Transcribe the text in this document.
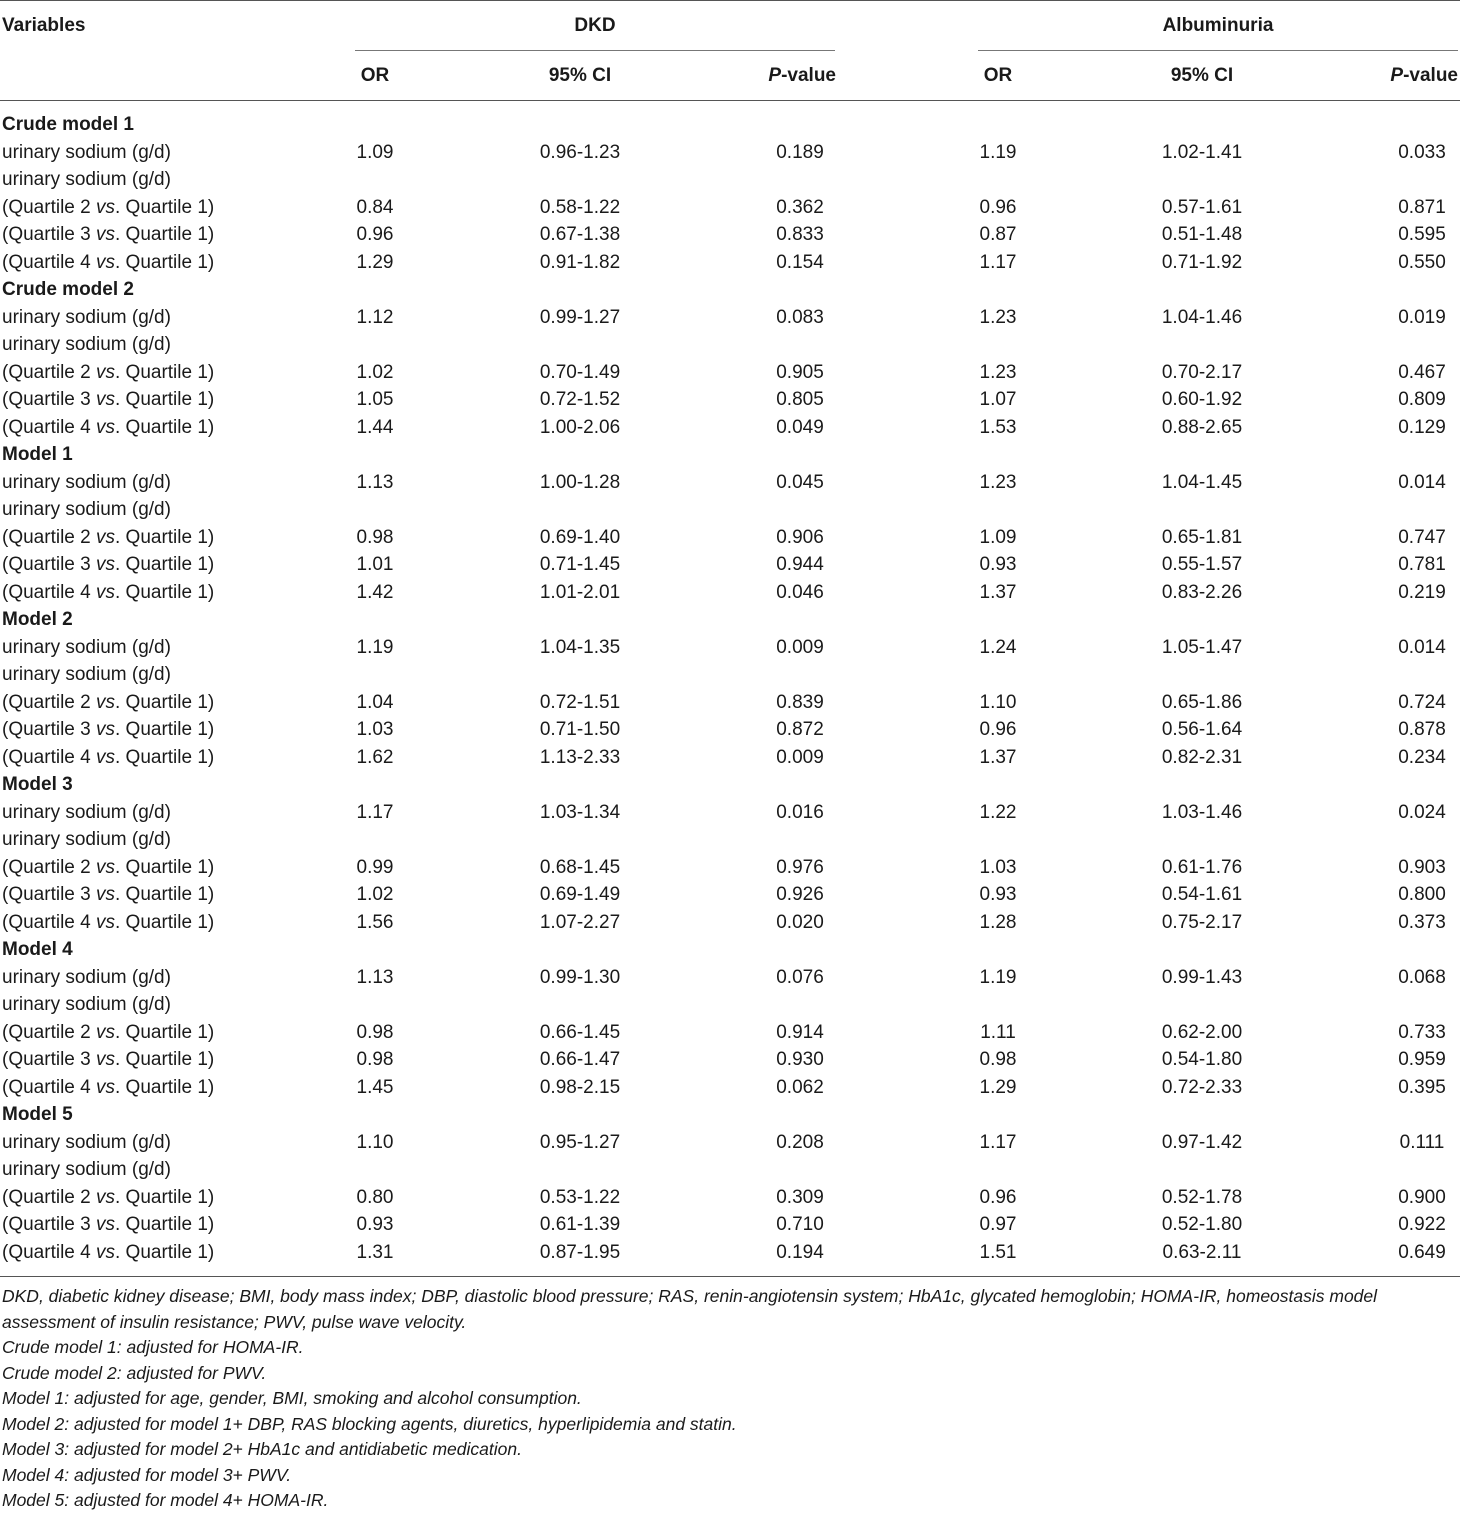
Variables	DKD	Albuminuria
OR	95% CI	P-value	OR	95% CI	P-value
Crude model 1
urinary sodium (g/d)	1.09	0.96-1.23	0.189	1.19	1.02-1.41	0.033
urinary sodium (g/d)
(Quartile 2 vs. Quartile 1)	0.84	0.58-1.22	0.362	0.96	0.57-1.61	0.871
(Quartile 3 vs. Quartile 1)	0.96	0.67-1.38	0.833	0.87	0.51-1.48	0.595
(Quartile 4 vs. Quartile 1)	1.29	0.91-1.82	0.154	1.17	0.71-1.92	0.550
Crude model 2
urinary sodium (g/d)	1.12	0.99-1.27	0.083	1.23	1.04-1.46	0.019
urinary sodium (g/d)
(Quartile 2 vs. Quartile 1)	1.02	0.70-1.49	0.905	1.23	0.70-2.17	0.467
(Quartile 3 vs. Quartile 1)	1.05	0.72-1.52	0.805	1.07	0.60-1.92	0.809
(Quartile 4 vs. Quartile 1)	1.44	1.00-2.06	0.049	1.53	0.88-2.65	0.129
Model 1
urinary sodium (g/d)	1.13	1.00-1.28	0.045	1.23	1.04-1.45	0.014
urinary sodium (g/d)
(Quartile 2 vs. Quartile 1)	0.98	0.69-1.40	0.906	1.09	0.65-1.81	0.747
(Quartile 3 vs. Quartile 1)	1.01	0.71-1.45	0.944	0.93	0.55-1.57	0.781
(Quartile 4 vs. Quartile 1)	1.42	1.01-2.01	0.046	1.37	0.83-2.26	0.219
Model 2
urinary sodium (g/d)	1.19	1.04-1.35	0.009	1.24	1.05-1.47	0.014
urinary sodium (g/d)
(Quartile 2 vs. Quartile 1)	1.04	0.72-1.51	0.839	1.10	0.65-1.86	0.724
(Quartile 3 vs. Quartile 1)	1.03	0.71-1.50	0.872	0.96	0.56-1.64	0.878
(Quartile 4 vs. Quartile 1)	1.62	1.13-2.33	0.009	1.37	0.82-2.31	0.234
Model 3
urinary sodium (g/d)	1.17	1.03-1.34	0.016	1.22	1.03-1.46	0.024
urinary sodium (g/d)
(Quartile 2 vs. Quartile 1)	0.99	0.68-1.45	0.976	1.03	0.61-1.76	0.903
(Quartile 3 vs. Quartile 1)	1.02	0.69-1.49	0.926	0.93	0.54-1.61	0.800
(Quartile 4 vs. Quartile 1)	1.56	1.07-2.27	0.020	1.28	0.75-2.17	0.373
Model 4
urinary sodium (g/d)	1.13	0.99-1.30	0.076	1.19	0.99-1.43	0.068
urinary sodium (g/d)
(Quartile 2 vs. Quartile 1)	0.98	0.66-1.45	0.914	1.11	0.62-2.00	0.733
(Quartile 3 vs. Quartile 1)	0.98	0.66-1.47	0.930	0.98	0.54-1.80	0.959
(Quartile 4 vs. Quartile 1)	1.45	0.98-2.15	0.062	1.29	0.72-2.33	0.395
Model 5
urinary sodium (g/d)	1.10	0.95-1.27	0.208	1.17	0.97-1.42	0.111
urinary sodium (g/d)
(Quartile 2 vs. Quartile 1)	0.80	0.53-1.22	0.309	0.96	0.52-1.78	0.900
(Quartile 3 vs. Quartile 1)	0.93	0.61-1.39	0.710	0.97	0.52-1.80	0.922
(Quartile 4 vs. Quartile 1)	1.31	0.87-1.95	0.194	1.51	0.63-2.11	0.649
DKD, diabetic kidney disease; BMI, body mass index; DBP, diastolic blood pressure; RAS, renin-angiotensin system; HbA1c, glycated hemoglobin; HOMA-IR, homeostasis model assessment of insulin resistance; PWV, pulse wave velocity.
Crude model 1: adjusted for HOMA-IR.
Crude model 2: adjusted for PWV.
Model 1: adjusted for age, gender, BMI, smoking and alcohol consumption.
Model 2: adjusted for model 1+ DBP, RAS blocking agents, diuretics, hyperlipidemia and statin.
Model 3: adjusted for model 2+ HbA1c and antidiabetic medication.
Model 4: adjusted for model 3+ PWV.
Model 5: adjusted for model 4+ HOMA-IR.
